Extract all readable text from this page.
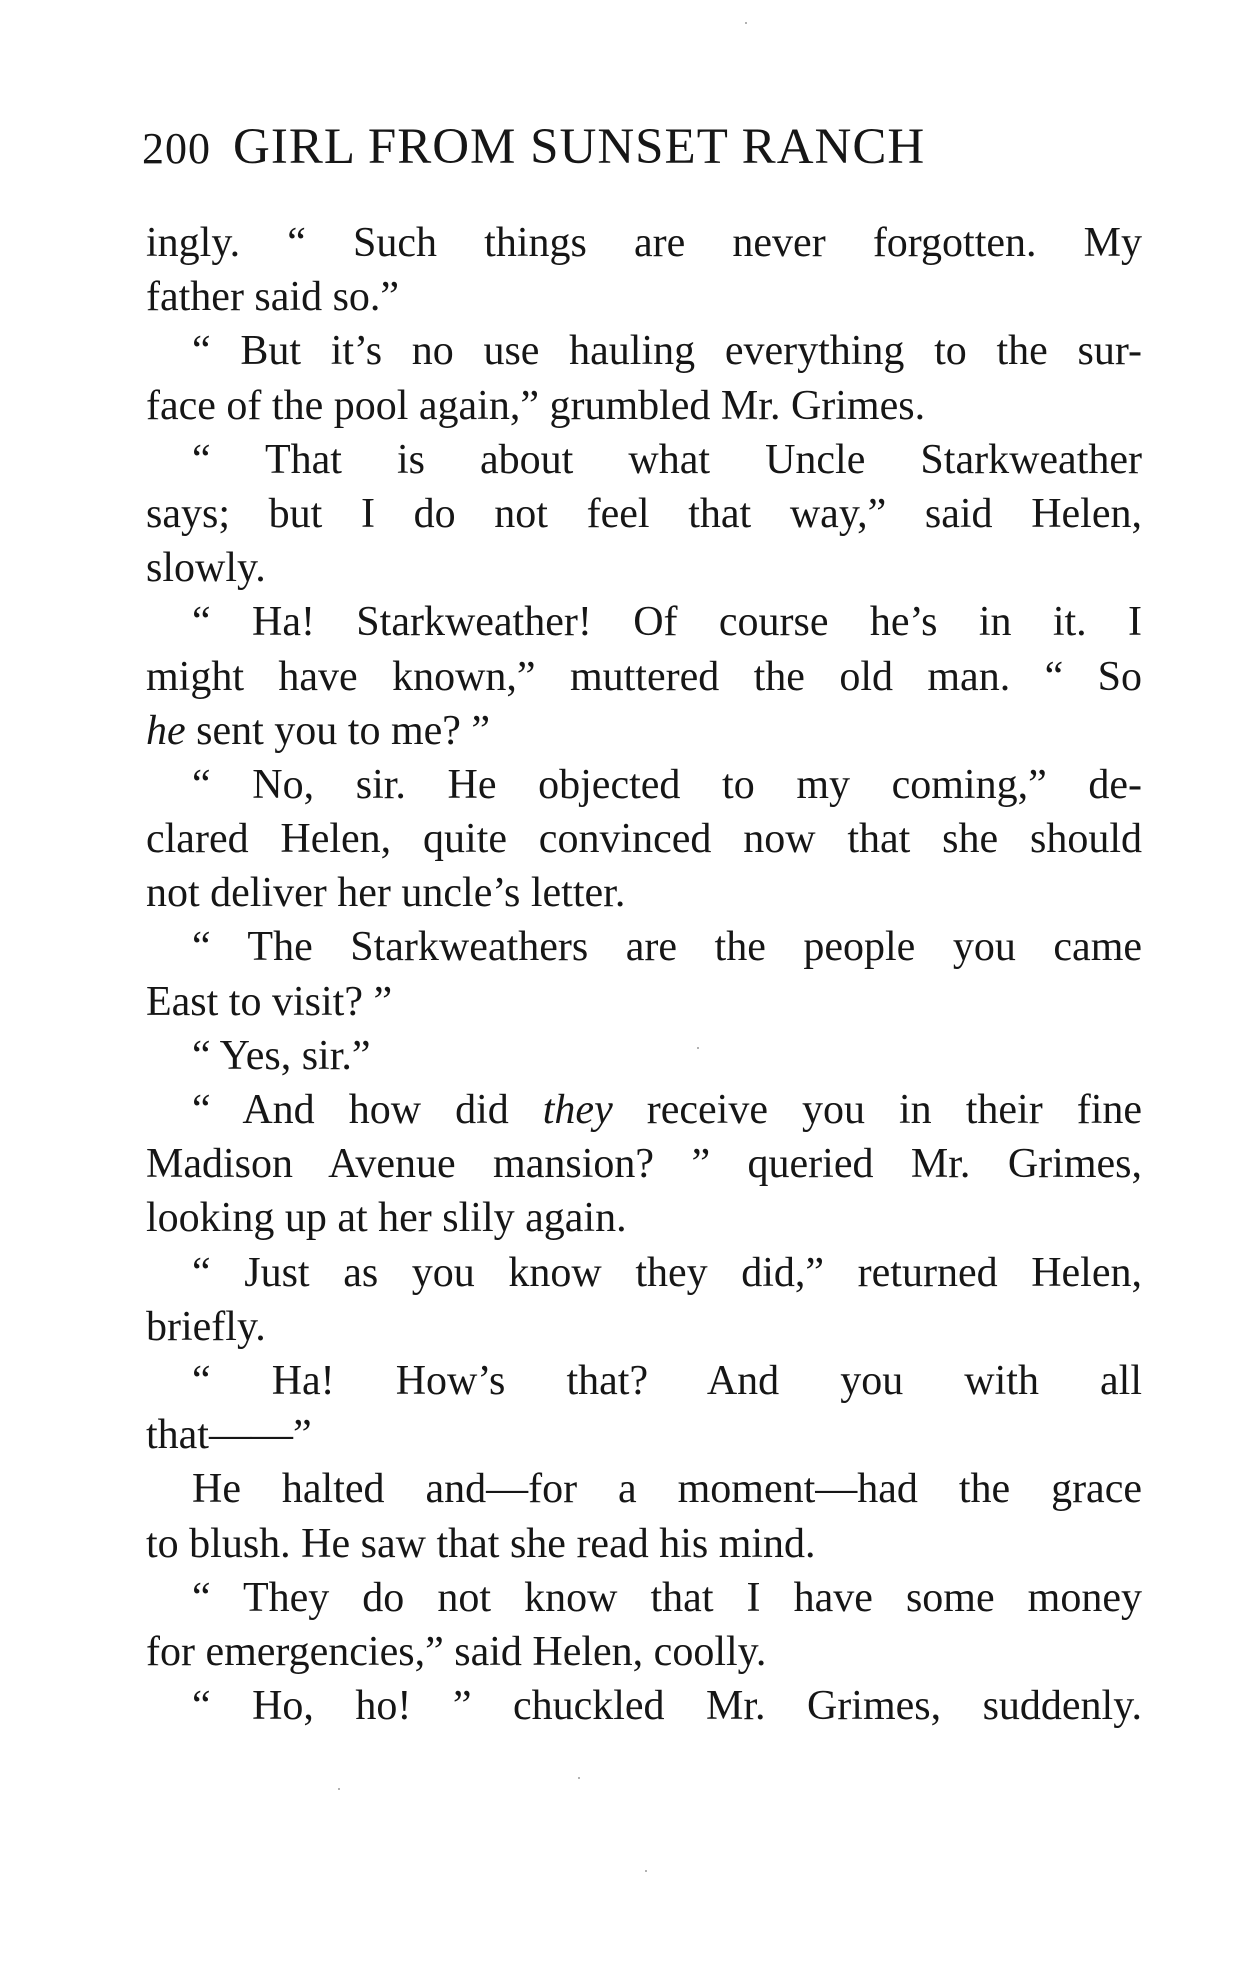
200 GIRL FROM SUNSET RANCH
ingly. “ Such things are never forgotten. My
father said so.”
“ But it’s no use hauling everything to the sur-
face of the pool again,” grumbled Mr. Grimes.
“ That is about what Uncle Starkweather
says; but I do not feel that way,” said Helen,
slowly.
“ Ha! Starkweather! Of course he’s in it. I
might have known,” muttered the old man. “ So
he sent you to me? ”
“ No, sir. He objected to my coming,” de-
clared Helen, quite convinced now that she should
not deliver her uncle’s letter.
“ The Starkweathers are the people you came
East to visit? ”
“ Yes, sir.”
“ And how did they receive you in their fine
Madison Avenue mansion? ” queried Mr. Grimes,
looking up at her slily again.
“ Just as you know they did,” returned Helen,
briefly.
“ Ha! How’s that? And you with all
that——”
He halted and—for a moment—had the grace
to blush. He saw that she read his mind.
“ They do not know that I have some money
for emergencies,” said Helen, coolly.
“ Ho, ho! ” chuckled Mr. Grimes, suddenly.
